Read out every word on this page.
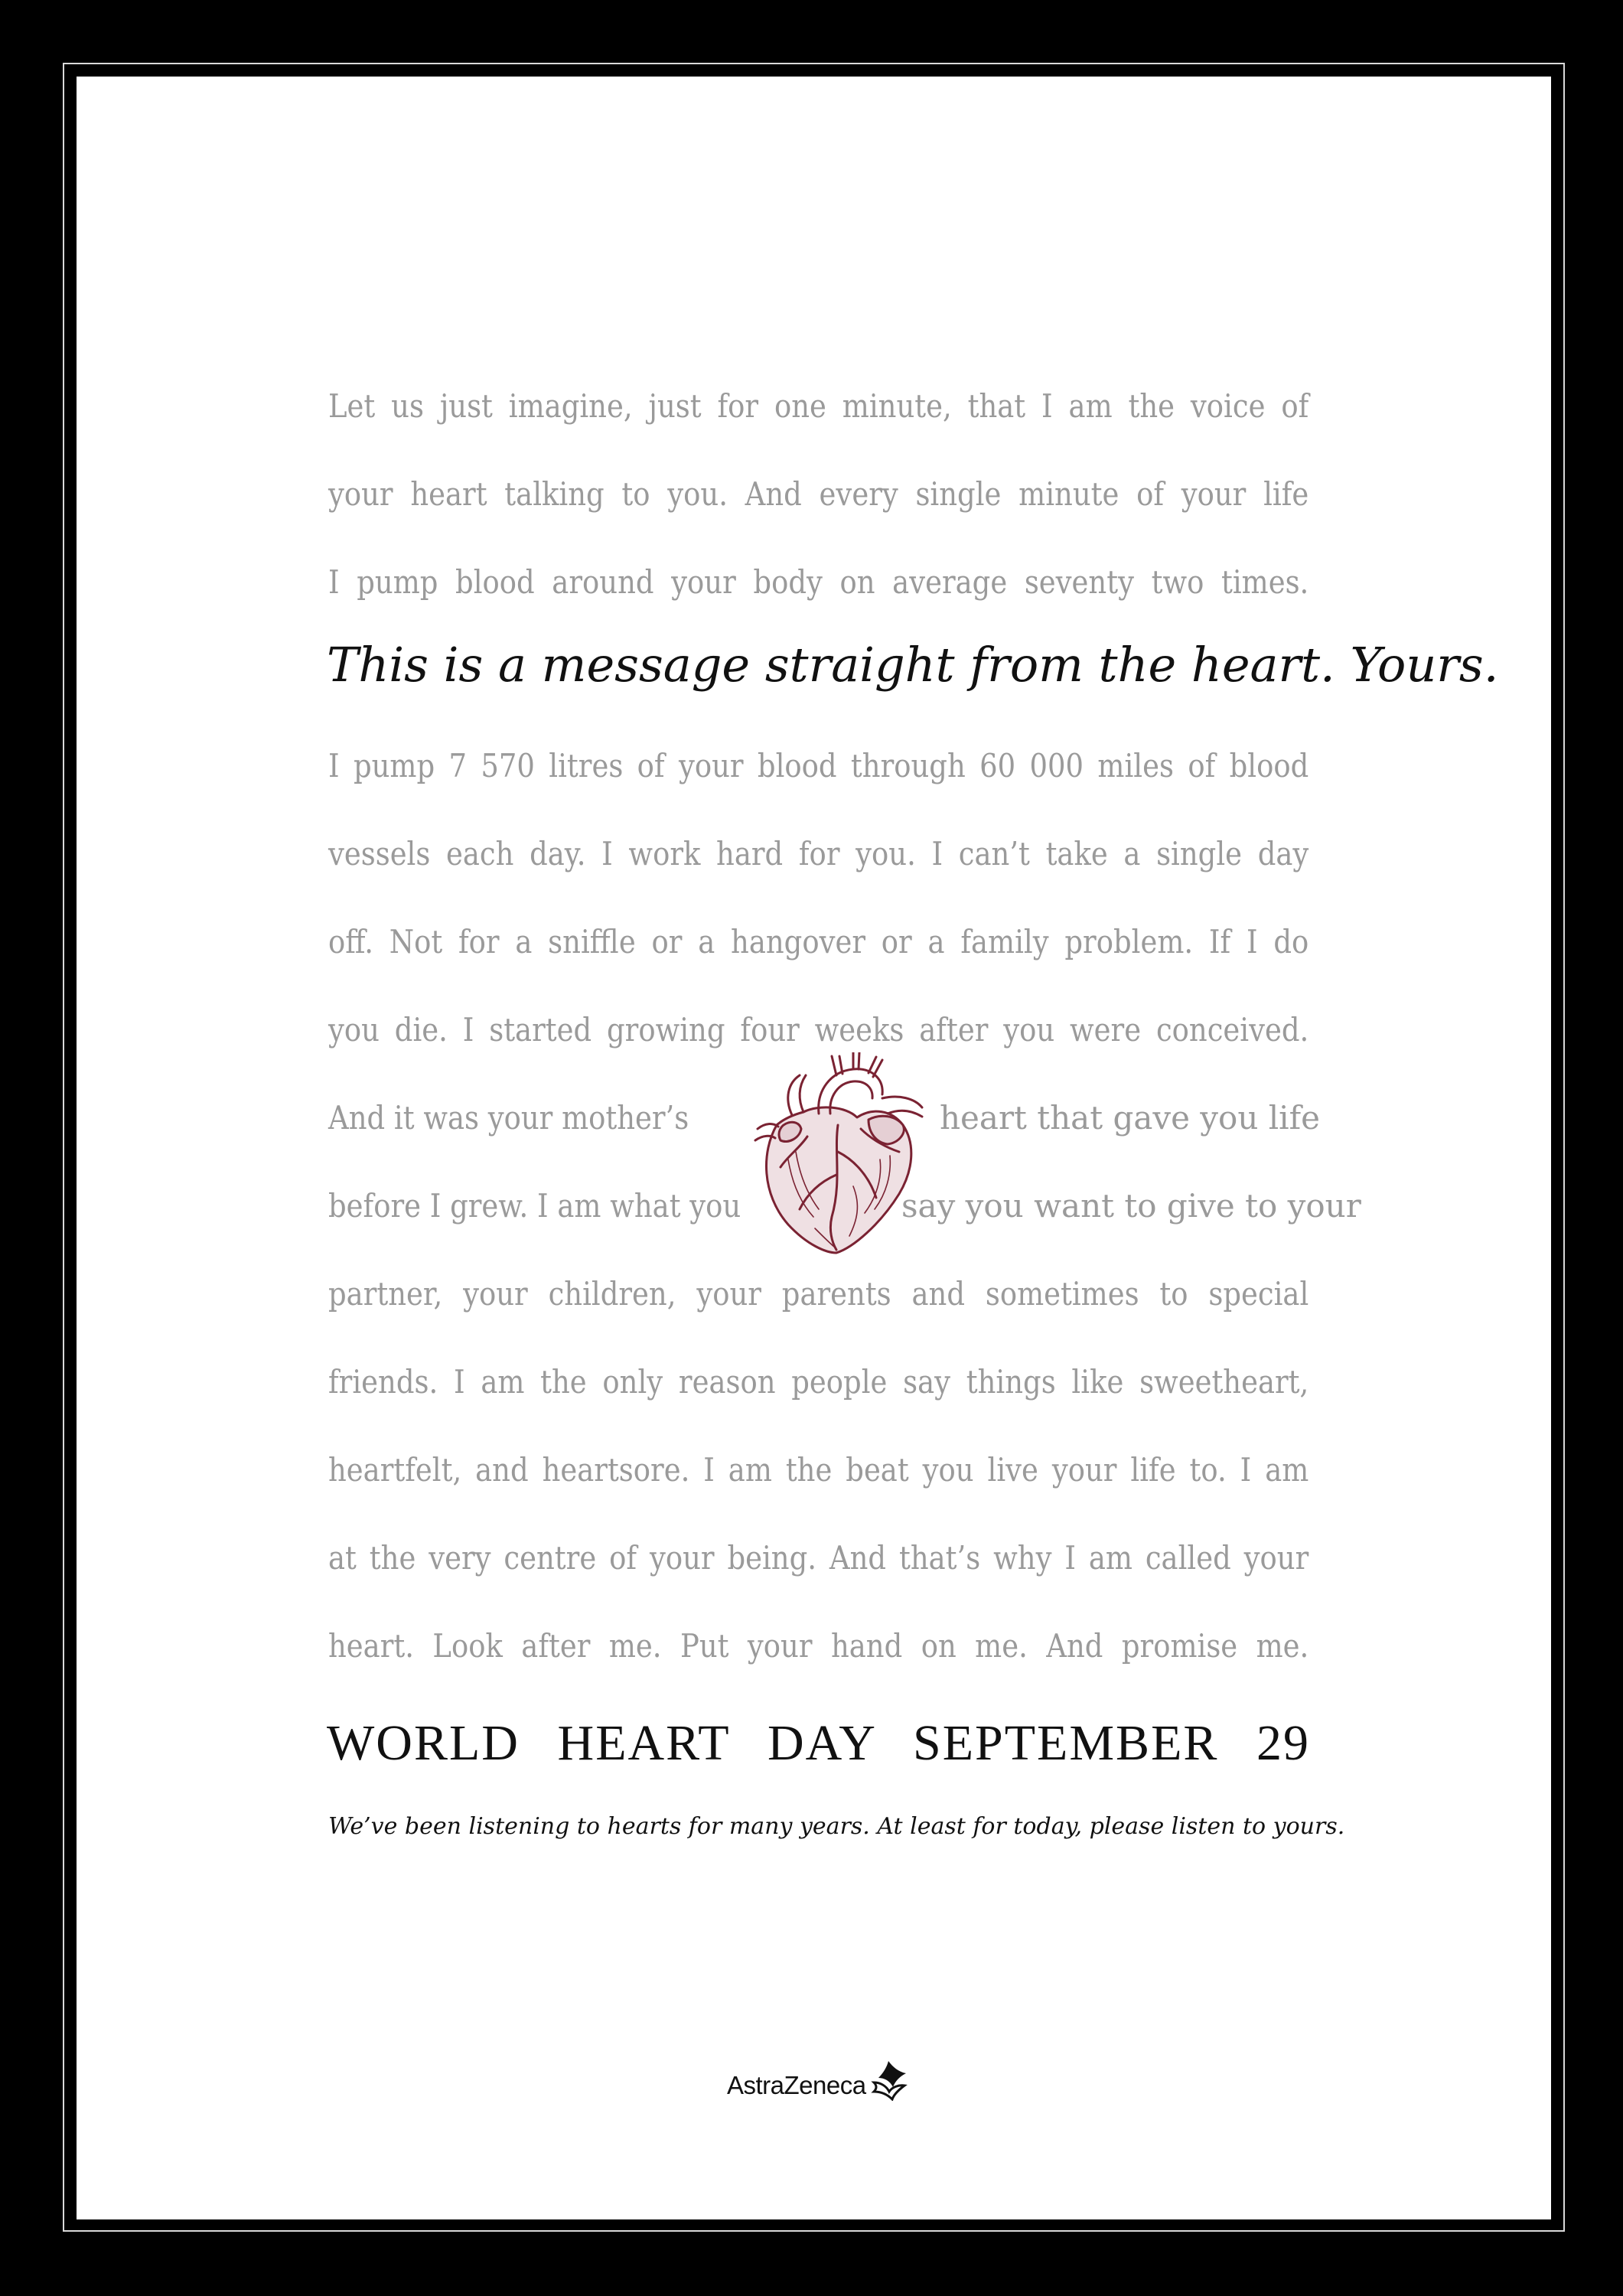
Let us just imagine, just for one minute, that I am the voice of
your heart talking to you. And every single minute of your life
I pump blood around your body on average seventy two times.
This is a message straight from the heart. Yours.
I pump 7 570 litres of your blood through 60 000 miles of blood
vessels each day. I work hard for you. I can’t take a single day
off. Not for a sniffle or a hangover or a family problem. If I do
you die. I started growing four weeks after you were conceived.
And it was your mother’s	heart that gave you life
before I grew. I am what you	say you want to give to your
partner, your children, your parents and sometimes to special
friends. I am the only reason people say things like sweetheart,
heartfelt, and heartsore. I am the beat you live your life to. I am
at the very centre of your being. And that’s why I am called your
heart. Look after me. Put your hand on me. And promise me.
WORLD HEART DAY SEPTEMBER 29
We’ve been listening to hearts for many years. At least for today, please listen to yours.
AstraZeneca
